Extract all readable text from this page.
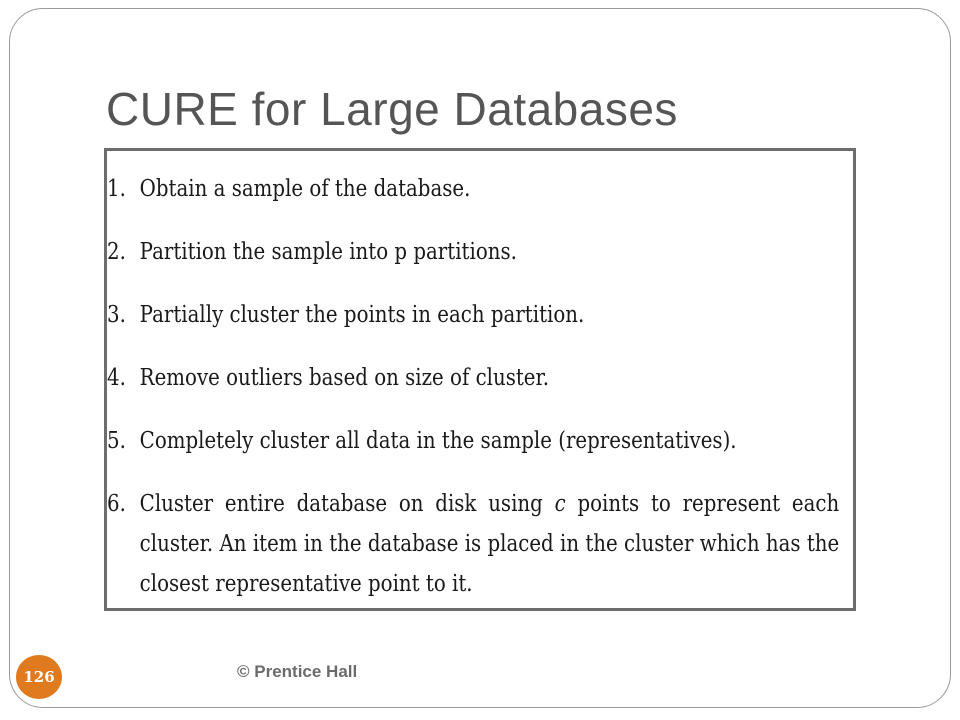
CURE for Large Databases
1. Obtain a sample of the database.
2. Partition the sample into p partitions.
3. Partially cluster the points in each partition.
4. Remove outliers based on size of cluster.
5. Completely cluster all data in the sample (representatives).
6. Cluster entire database on disk using c points to represent each cluster. An item in the database is placed in the cluster which has the closest representative point to it.
126	© Prentice Hall
